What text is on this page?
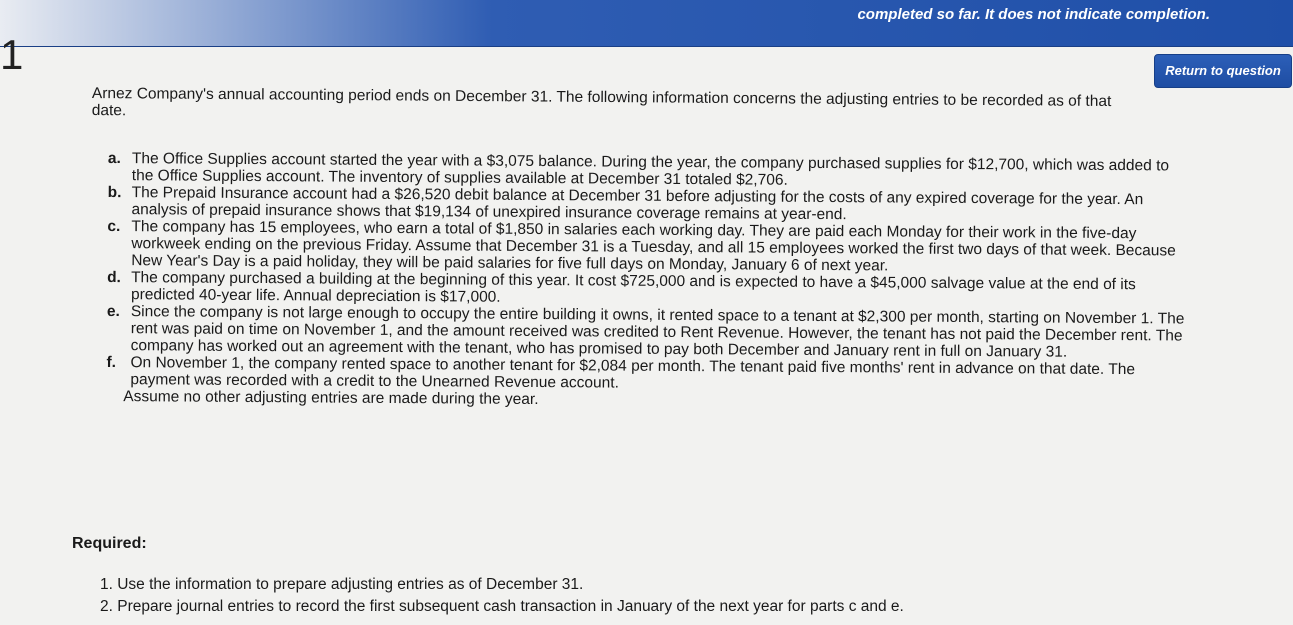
completed so far. It does not indicate completion.
1	Return to question
Arnez Company's annual accounting period ends on December 31. The following information concerns the adjusting entries to be recorded as of that date.
a. The Office Supplies account started the year with a $3,075 balance. During the year, the company purchased supplies for $12,700, which was added to the Office Supplies account. The inventory of supplies available at December 31 totaled $2,706.
b. The Prepaid Insurance account had a $26,520 debit balance at December 31 before adjusting for the costs of any expired coverage for the year. An analysis of prepaid insurance shows that $19,134 of unexpired insurance coverage remains at year-end.
c. The company has 15 employees, who earn a total of $1,850 in salaries each working day. They are paid each Monday for their work in the five-day workweek ending on the previous Friday. Assume that December 31 is a Tuesday, and all 15 employees worked the first two days of that week. Because New Year's Day is a paid holiday, they will be paid salaries for five full days on Monday, January 6 of next year.
d. The company purchased a building at the beginning of this year. It cost $725,000 and is expected to have a $45,000 salvage value at the end of its predicted 40-year life. Annual depreciation is $17,000.
e. Since the company is not large enough to occupy the entire building it owns, it rented space to a tenant at $2,300 per month, starting on November 1. The rent was paid on time on November 1, and the amount received was credited to Rent Revenue. However, the tenant has not paid the December rent. The company has worked out an agreement with the tenant, who has promised to pay both December and January rent in full on January 31.
f. On November 1, the company rented space to another tenant for $2,084 per month. The tenant paid five months' rent in advance on that date. The payment was recorded with a credit to the Unearned Revenue account.
Assume no other adjusting entries are made during the year.
Required:
1. Use the information to prepare adjusting entries as of December 31.
2. Prepare journal entries to record the first subsequent cash transaction in January of the next year for parts c and e.
